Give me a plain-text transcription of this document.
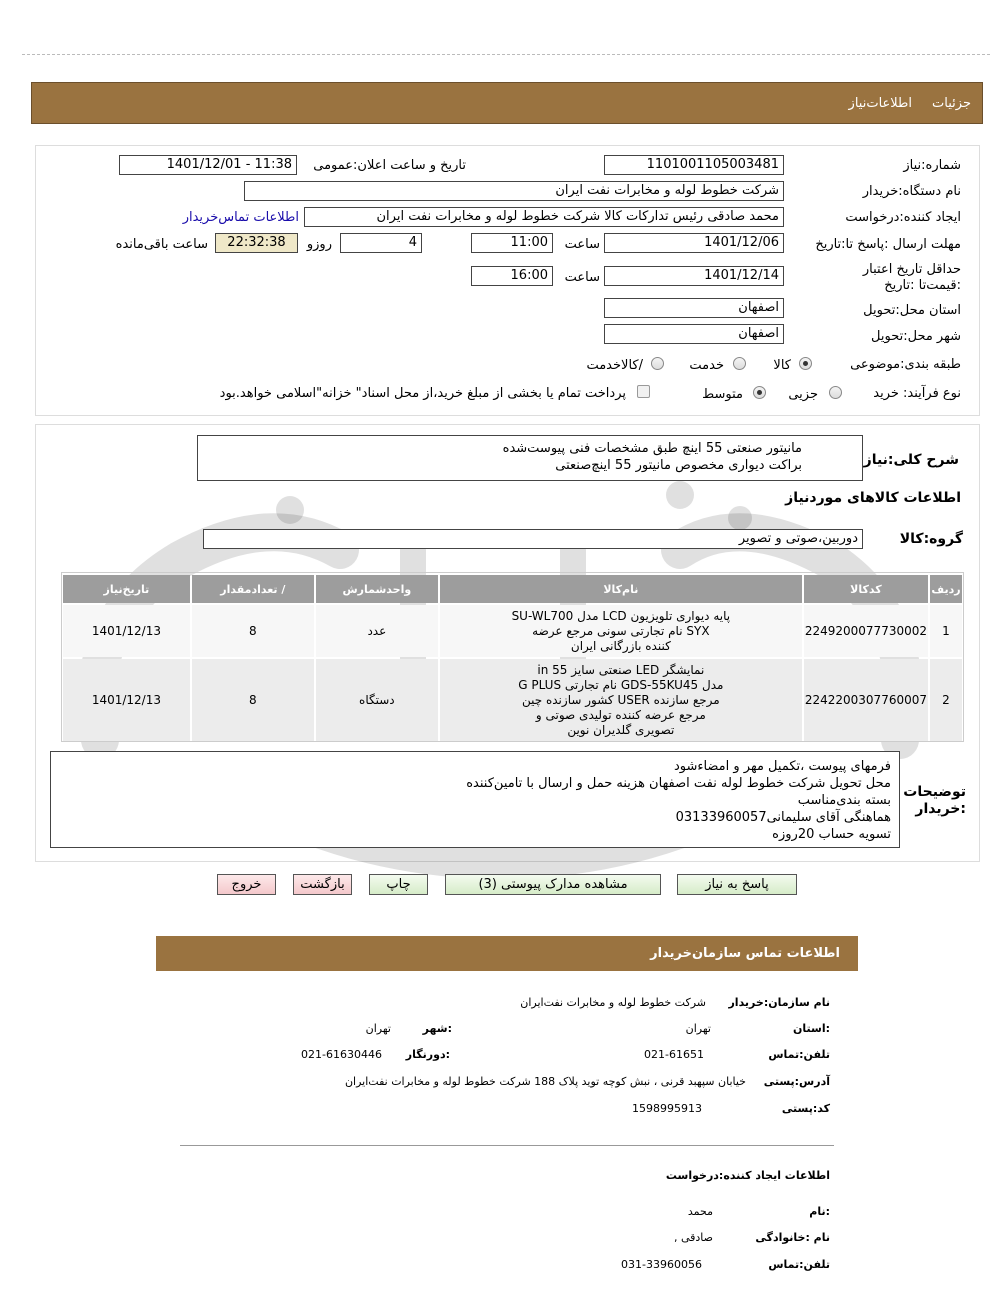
جزئیات
اطلاعات‌نیاز
شماره:نیاز
1101001105003481
تاریخ و ساعت اعلان:عمومی
1401/12/01 - 11:38
نام دستگاه:خریدار
شرکت خطوط لوله و مخابرات نفت ایران
ایجاد کننده:درخواست
محمد صادقی رئیس تدارکات کالا شرکت خطوط لوله و مخابرات نفت ایران
اطلاعات تماس‌خریدار
مهلت ارسال :پاسخ تا:تاریخ
1401/12/06
ساعت
11:00
4
روزو
22:32:38
ساعت باقی‌مانده
حداقل تاریخ اعتبار :قیمت‌تا :تاریخ
1401/12/14
ساعت
16:00
استان محل:تحویل
اصفهان
شهر محل:تحویل
اصفهان
طبقه بندی:موضوعی
کالا
خدمت
/کالاخدمت
نوع فرآیند: خرید
جزیی
متوسط
پرداخت تمام یا بخشی از مبلغ خرید،از محل اسناد" خزانه"اسلامی خواهد.بود
شرح کلی:نیاز
مانیتور صنعتی 55 اینچ طبق مشخصات فنی پیوست‌شده
براکت دیواری مخصوص مانیتور 55 اینچ‌صنعتی
اطلاعات کالاهای موردنیاز
گروه:کالا
دوربین،صوتی و تصویر
ردیف	کدکالا	نام‌کالا	واحدشمارش	/ تعدادمقدار	تاریخ‌نیاز
1	2249200077730002	پایه دیواری تلویزیون LCD مدل SU-WL700
SYX نام تجارتی سونی مرجع عرضه
کننده بازرگانی ایران	عدد	8	1401/12/13
2	2242200307760007	نمایشگر LED صنعتی سایز 55 in
مدل GDS-55KU45 نام تجارتی G PLUS
مرجع سازنده USER کشور سازنده چین
مرجع عرضه کننده تولیدی صوتی و
تصویری گلدیران نوین	دستگاه	8	1401/12/13
توضیحات :خریدار
فرمهای پیوست ،تکمیل مهر و امضاءشود
محل تحویل شرکت خطوط لوله نفت اصفهان هزینه حمل و ارسال با تامین‌کننده
بسته بندی‌مناسب
هماهنگی آقای سلیمانی03133960057
تسویه حساب 20روزه
پاسخ به نیاز
مشاهده مدارک پیوستی (3)
چاپ
بازگشت
خروج
اطلاعات تماس سازمان‌خریدار
نام سازمان:خریدار
شرکت خطوط لوله و مخابرات نفت‌ایران
:استان
تهران
:شهر
تهران
تلفن:تماس
021-61651
:دورنگار
021-61630446
آدرس:پستی
خیابان سپهبد قرنی ، نبش کوچه توید پلاک 188 شرکت خطوط لوله و مخابرات نفت‌ایران
کد:پستی
1598995913
اطلاعات ایجاد کننده:درخواست
:نام
محمد
نام :خانوادگی
صادقی ,
تلفن:تماس
031-33960056
